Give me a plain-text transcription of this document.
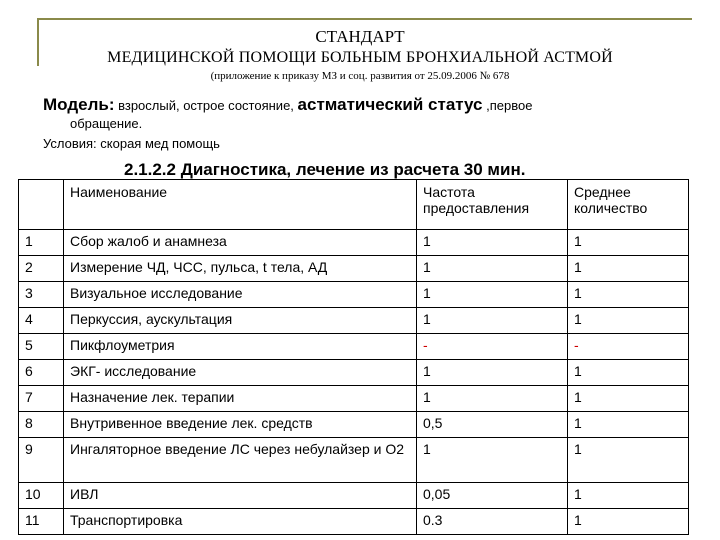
СТАНДАРТ
МЕДИЦИНСКОЙ ПОМОЩИ БОЛЬНЫМ БРОНХИАЛЬНОЙ АСТМОЙ
(приложение к приказу МЗ и соц. развития от 25.09.2006 № 678
Модель: взрослый, острое состояние, астматический статус ,первое
обращение.
Условия: скорая мед помощь
2.1.2.2 Диагностика, лечение из расчета 30 мин.
	Наименование	Частота предоставления	Среднее количество
1	Сбор жалоб и анамнеза	1	1
2	Измерение ЧД, ЧСС, пульса, t тела, АД	1	1
3	Визуальное исследование	1	1
4	Перкуссия, аускультация	1	1
5	Пикфлоуметрия	-	-
6	ЭКГ- исследование	1	1
7	Назначение лек. терапии	1	1
8	Внутривенное введение лек. средств	0,5	1
9	Ингаляторное введение ЛС через небулайзер и О2	1	1
10	ИВЛ	0,05	1
11	Транспортировка	0.3	1
